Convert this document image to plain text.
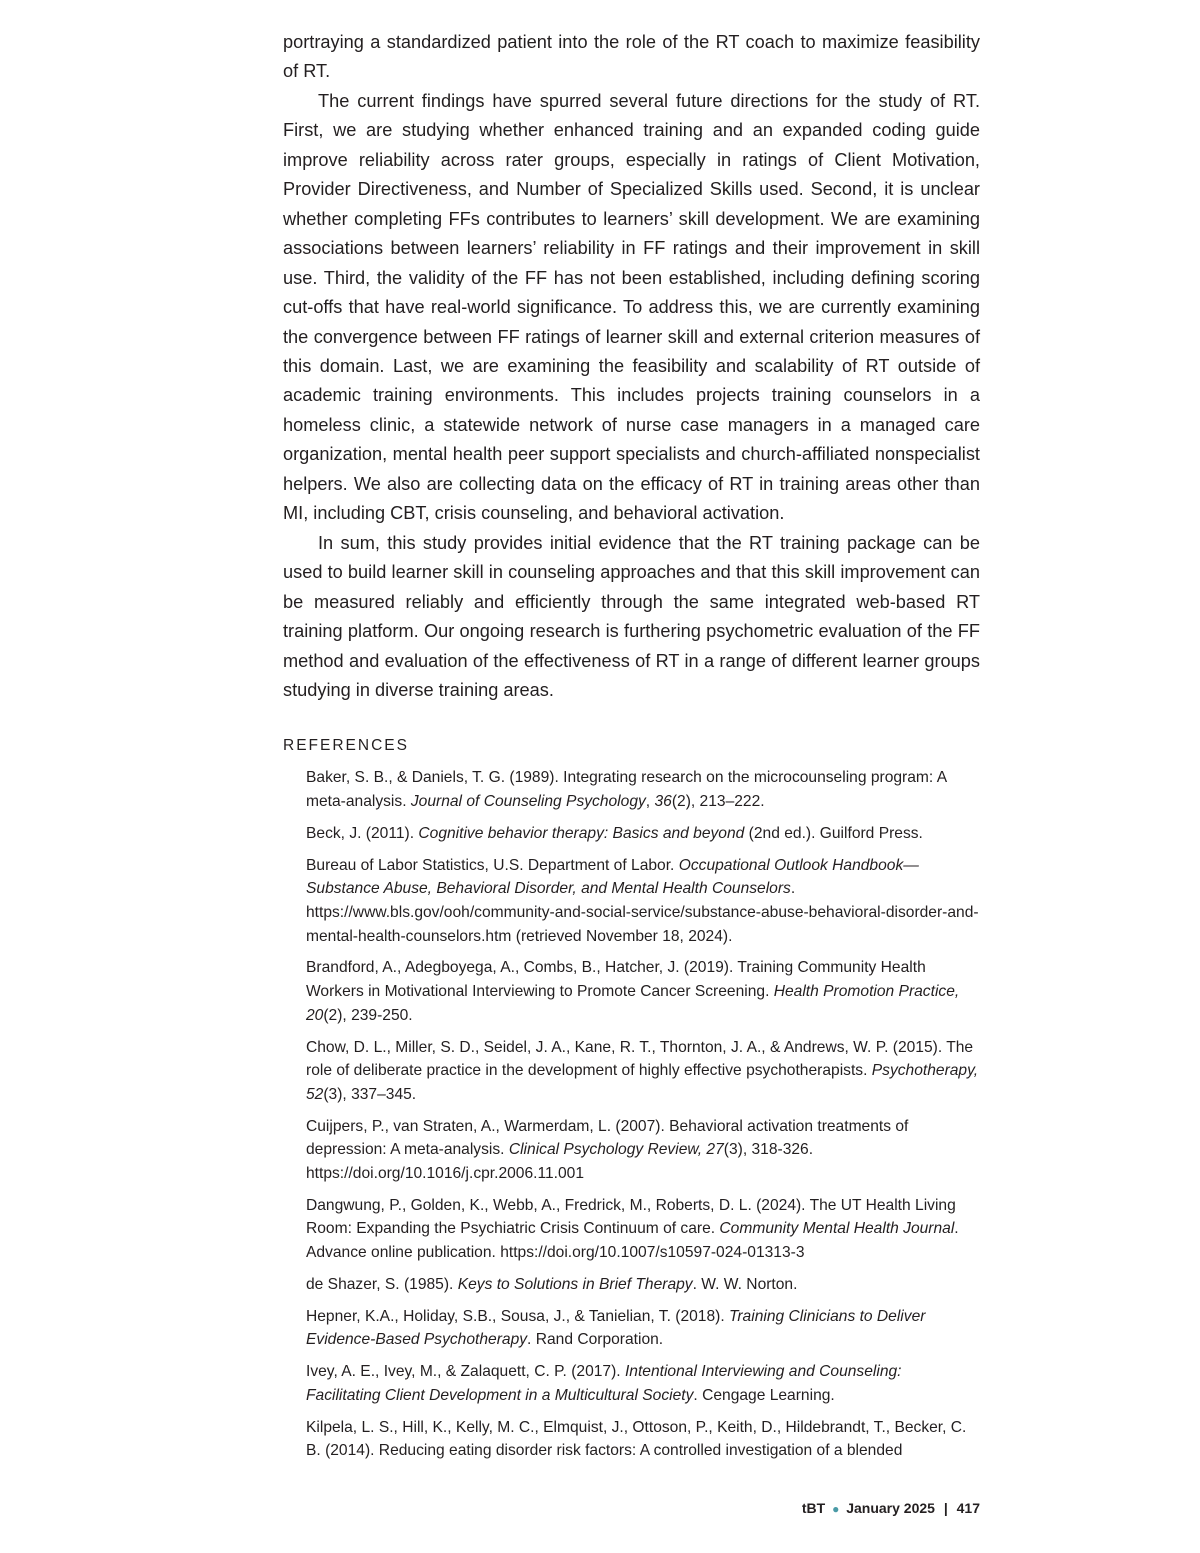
portraying a standardized patient into the role of the RT coach to maximize feasibility of RT.

The current findings have spurred several future directions for the study of RT. First, we are studying whether enhanced training and an expanded coding guide improve reliability across rater groups, especially in ratings of Client Motivation, Provider Directiveness, and Number of Specialized Skills used. Second, it is unclear whether completing FFs contributes to learners’ skill development. We are examining associations between learners’ reliability in FF ratings and their improvement in skill use. Third, the validity of the FF has not been established, including defining scoring cut-offs that have real-world significance. To address this, we are currently examining the convergence between FF ratings of learner skill and external criterion measures of this domain. Last, we are examining the feasibility and scalability of RT outside of academic training environments. This includes projects training counselors in a homeless clinic, a statewide network of nurse case managers in a managed care organization, mental health peer support specialists and church-affiliated nonspecialist helpers. We also are collecting data on the efficacy of RT in training areas other than MI, including CBT, crisis counseling, and behavioral activation.

In sum, this study provides initial evidence that the RT training package can be used to build learner skill in counseling approaches and that this skill improvement can be measured reliably and efficiently through the same integrated web-based RT training platform. Our ongoing research is furthering psychometric evaluation of the FF method and evaluation of the effectiveness of RT in a range of different learner groups studying in diverse training areas.

REFERENCES
Baker, S. B., & Daniels, T. G. (1989). Integrating research on the microcounseling program: A meta-analysis. Journal of Counseling Psychology, 36(2), 213–222.
Beck, J. (2011). Cognitive behavior therapy: Basics and beyond (2nd ed.). Guilford Press.
Bureau of Labor Statistics, U.S. Department of Labor. Occupational Outlook Handbook—Substance Abuse, Behavioral Disorder, and Mental Health Counselors. https://www.bls.gov/ooh/community-and-social-service/substance-abuse-behavioral-disorder-and-mental-health-counselors.htm (retrieved November 18, 2024).
Brandford, A., Adegboyega, A., Combs, B., Hatcher, J. (2019). Training Community Health Workers in Motivational Interviewing to Promote Cancer Screening. Health Promotion Practice, 20(2), 239-250.
Chow, D. L., Miller, S. D., Seidel, J. A., Kane, R. T., Thornton, J. A., & Andrews, W. P. (2015). The role of deliberate practice in the development of highly effective psychotherapists. Psychotherapy, 52(3), 337–345.
Cuijpers, P., van Straten, A., Warmerdam, L. (2007). Behavioral activation treatments of depression: A meta-analysis. Clinical Psychology Review, 27(3), 318-326. https://doi.org/10.1016/j.cpr.2006.11.001
Dangwung, P., Golden, K., Webb, A., Fredrick, M., Roberts, D. L. (2024). The UT Health Living Room: Expanding the Psychiatric Crisis Continuum of care. Community Mental Health Journal. Advance online publication. https://doi.org/10.1007/s10597-024-01313-3
de Shazer, S. (1985). Keys to Solutions in Brief Therapy. W. W. Norton.
Hepner, K.A., Holiday, S.B., Sousa, J., & Tanielian, T. (2018). Training Clinicians to Deliver Evidence-Based Psychotherapy. Rand Corporation.
Ivey, A. E., Ivey, M., & Zalaquett, C. P. (2017). Intentional Interviewing and Counseling: Facilitating Client Development in a Multicultural Society. Cengage Learning.
Kilpela, L. S., Hill, K., Kelly, M. C., Elmquist, J., Ottoson, P., Keith, D., Hildebrandt, T., Becker, C. B. (2014). Reducing eating disorder risk factors: A controlled investigation of a blended
tBT ● January 2025 | 417
